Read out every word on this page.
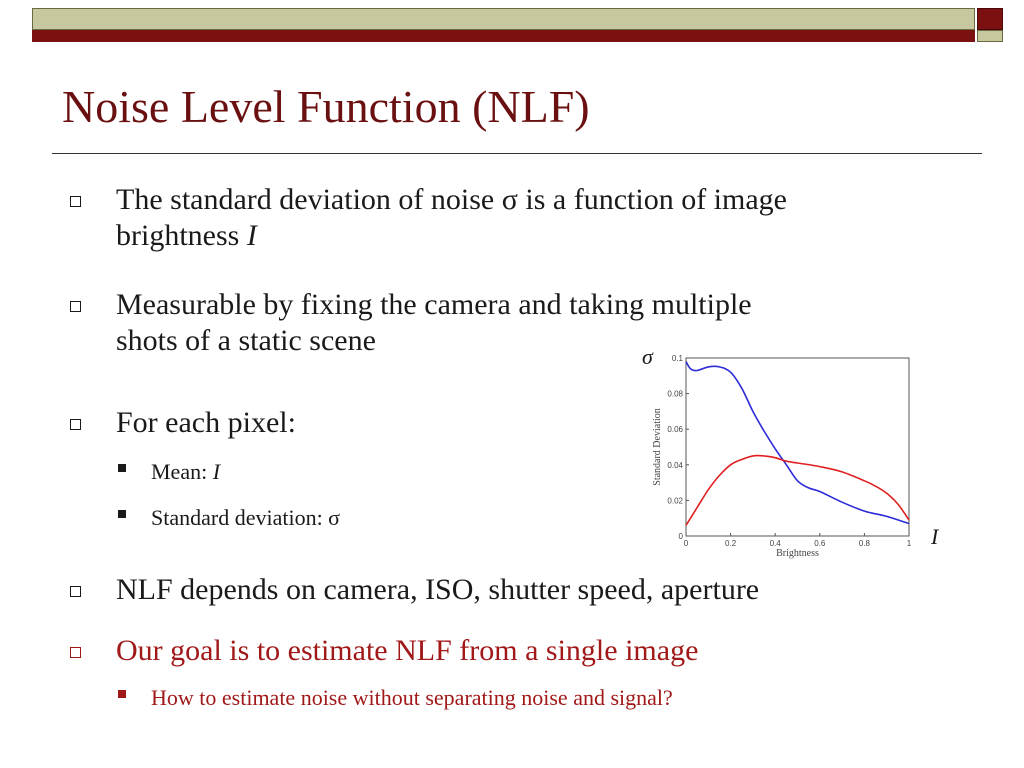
Noise Level Function (NLF)
The standard deviation of noise σ is a function of image
brightness I
Measurable by fixing the camera and taking multiple
shots of a static scene
For each pixel:
Mean: I
Standard deviation: σ
NLF depends on camera, ISO, shutter speed, aperture
Our goal is to estimate NLF from a single image
How to estimate noise without separating noise and signal?
σ
I
0	0.2	0.4	0.6	0.8	1
0
0.02
0.04
0.06
0.08
0.1
Brightness
Standard Deviation
